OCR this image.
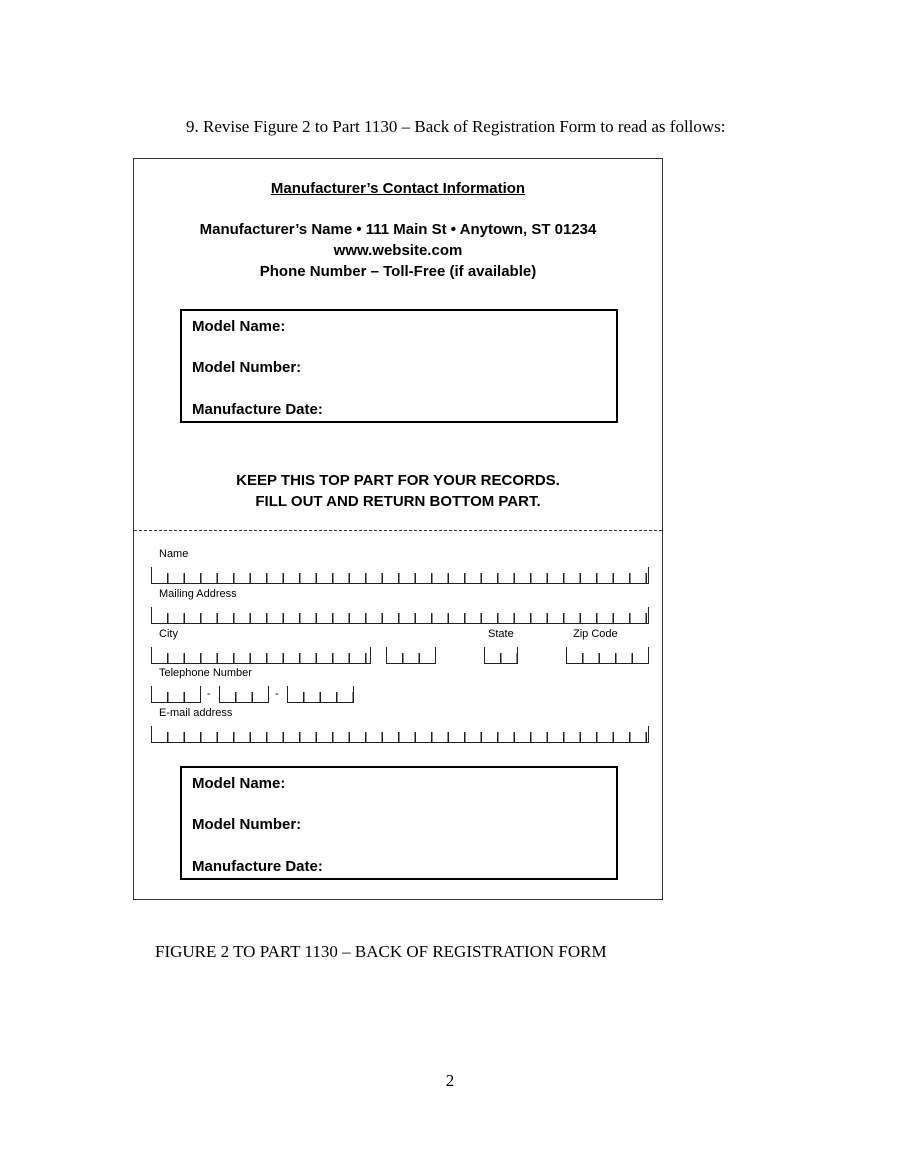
9. Revise Figure 2 to Part 1130 – Back of Registration Form to read as follows:
Manufacturer’s Contact Information
Manufacturer’s Name • 111 Main St • Anytown, ST 01234
www.website.com
Phone Number – Toll-Free (if available)
Model Name:
Model Number:
Manufacture Date:
KEEP THIS TOP PART FOR YOUR RECORDS.
FILL OUT AND RETURN BOTTOM PART.
Name
Mailing Address
City	State	Zip Code
Telephone Number
-	-
E-mail address
Model Name:
Model Number:
Manufacture Date:
FIGURE 2 TO PART 1130 – BACK OF REGISTRATION FORM
2
